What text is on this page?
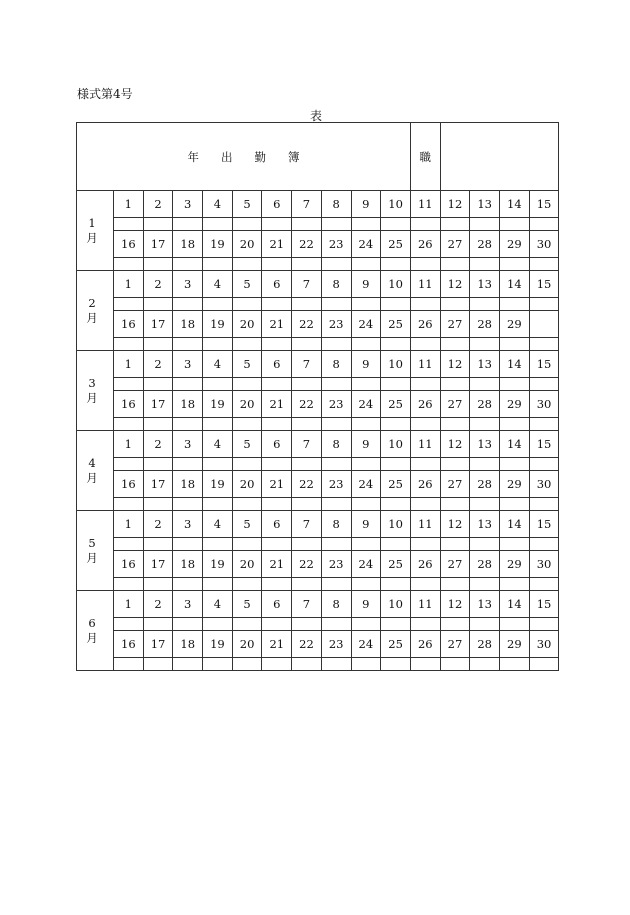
様式第4号
表
年 出 勤 簿											職				
1 月	1	2	3	4	5	6	7	8	9	10	11	12	13	14	15

	16	17	18	19	20	21	22	23	24	25	26	27	28	29	30

2 月	1	2	3	4	5	6	7	8	9	10	11	12	13	14	15

	16	17	18	19	20	21	22	23	24	25	26	27	28	29	

3 月	1	2	3	4	5	6	7	8	9	10	11	12	13	14	15

	16	17	18	19	20	21	22	23	24	25	26	27	28	29	30

4 月	1	2	3	4	5	6	7	8	9	10	11	12	13	14	15

	16	17	18	19	20	21	22	23	24	25	26	27	28	29	30

5 月	1	2	3	4	5	6	7	8	9	10	11	12	13	14	15

	16	17	18	19	20	21	22	23	24	25	26	27	28	29	30

6 月	1	2	3	4	5	6	7	8	9	10	11	12	13	14	15

	16	17	18	19	20	21	22	23	24	25	26	27	28	29	30
